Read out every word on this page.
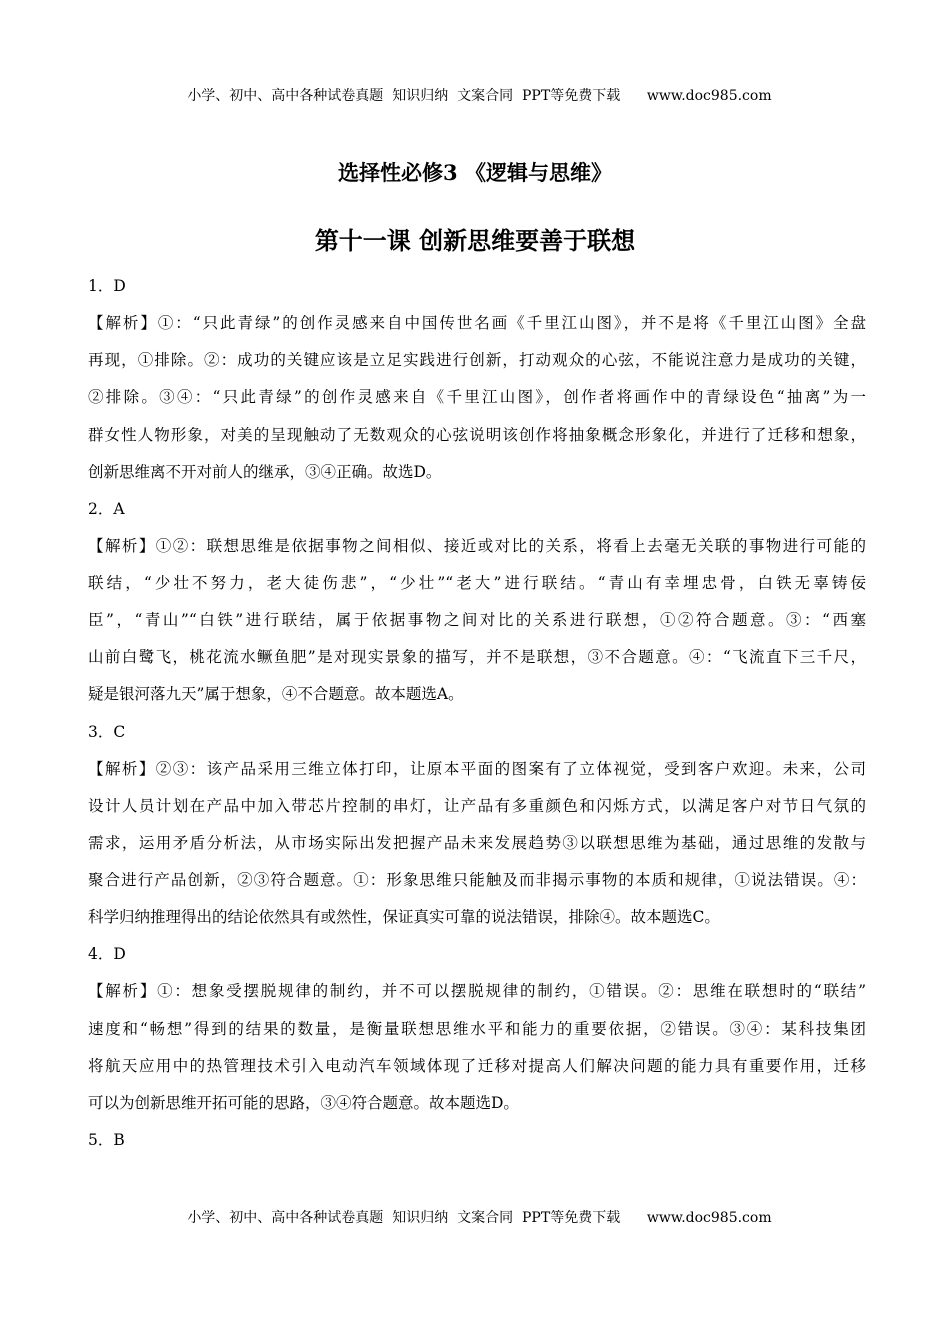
小学、初中、高中各种试卷真题  知识归纳  文案合同  PPT等免费下载 www.doc985.com

选择性必修3 《逻辑与思维》
第十一课 创新思维要善于联想
1．D
【解析】①：“只此青绿”的创作灵感来自中国传世名画《千里江山图》，并不是将《千里江山图》全盘
再现，①排除。②：成功的关键应该是立足实践进行创新，打动观众的心弦，不能说注意力是成功的关键，
②排除。③④：“只此青绿”的创作灵感来自《千里江山图》，创作者将画作中的青绿设色“抽离”为一
群女性人物形象，对美的呈现触动了无数观众的心弦说明该创作将抽象概念形象化，并进行了迁移和想象，
创新思维离不开对前人的继承，③④正确。故选D。
2．A
【解析】①②：联想思维是依据事物之间相似、接近或对比的关系，将看上去毫无关联的事物进行可能的
联结，“少壮不努力，老大徒伤悲”，“少壮”“老大”进行联结。“青山有幸埋忠骨，白铁无辜铸佞
臣”，“青山”“白铁”进行联结，属于依据事物之间对比的关系进行联想，①②符合题意。③：“西塞
山前白鹭飞，桃花流水鳜鱼肥”是对现实景象的描写，并不是联想，③不合题意。④：“飞流直下三千尺，
疑是银河落九天”属于想象，④不合题意。故本题选A。
3．C
【解析】②③：该产品采用三维立体打印，让原本平面的图案有了立体视觉，受到客户欢迎。未来，公司
设计人员计划在产品中加入带芯片控制的串灯，让产品有多重颜色和闪烁方式，以满足客户对节日气氛的
需求，运用矛盾分析法，从市场实际出发把握产品未来发展趋势③以联想思维为基础，通过思维的发散与
聚合进行产品创新，②③符合题意。①：形象思维只能触及而非揭示事物的本质和规律，①说法错误。④：
科学归纳推理得出的结论依然具有或然性，保证真实可靠的说法错误，排除④。故本题选C。
4．D
【解析】①：想象受摆脱规律的制约，并不可以摆脱规律的制约，①错误。②：思维在联想时的“联结”
速度和“畅想”得到的结果的数量，是衡量联想思维水平和能力的重要依据，②错误。③④：某科技集团
将航天应用中的热管理技术引入电动汽车领域体现了迁移对提高人们解决问题的能力具有重要作用，迁移
可以为创新思维开拓可能的思路，③④符合题意。故本题选D。
5．B

小学、初中、高中各种试卷真题  知识归纳  文案合同  PPT等免费下载 www.doc985.com
